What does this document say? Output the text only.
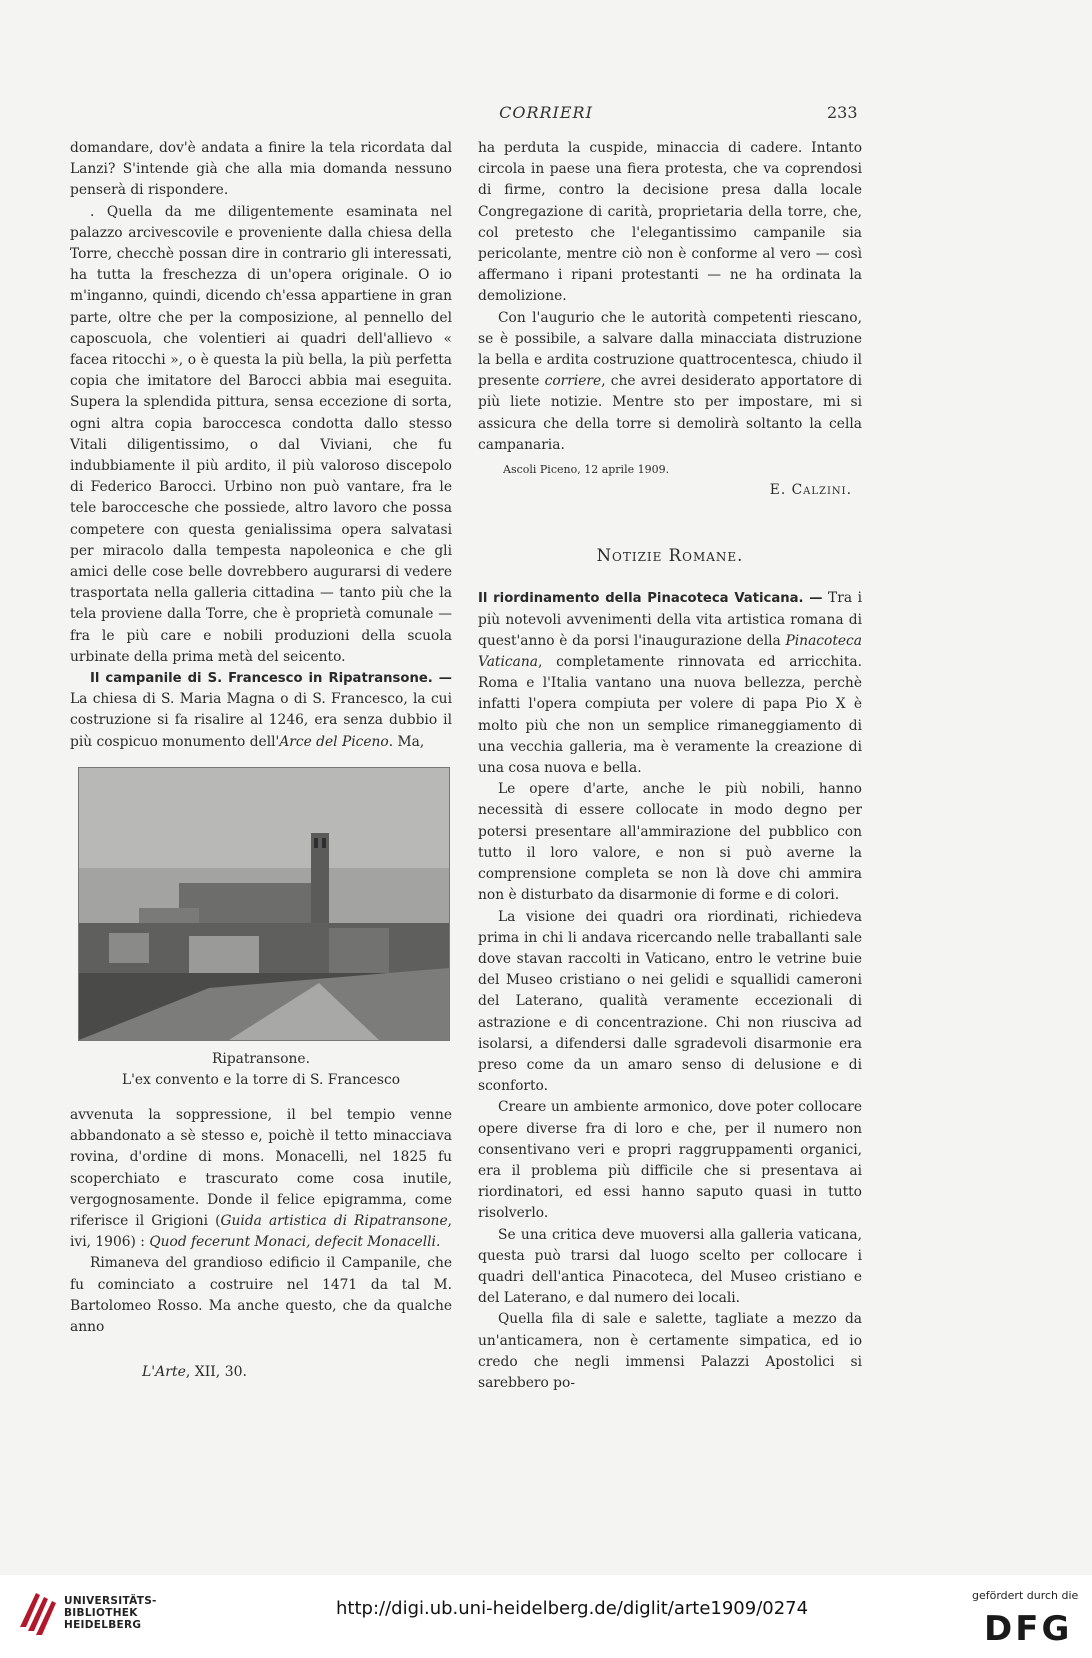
CORRIERI	233

domandare, dov'è andata a finire la tela ricordata dal Lanzi? S'intende già che alla mia domanda nessuno penserà di rispondere.

. Quella da me diligentemente esaminata nel palazzo arcivescovile e proveniente dalla chiesa della Torre, checchè possan dire in contrario gli interessati, ha tutta la freschezza di un'opera originale. O io m'inganno, quindi, dicendo ch'essa appartiene in gran parte, oltre che per la composizione, al pennello del caposcuola, che volentieri ai quadri dell'allievo « facea ritocchi », o è questa la più bella, la più perfetta copia che imitatore del Barocci abbia mai eseguita. Supera la splendida pittura, sensa eccezione di sorta, ogni altra copia baroccesca condotta dallo stesso Vitali diligentissimo, o dal Viviani, che fu indubbiamente il più ardito, il più valoroso discepolo di Federico Barocci. Urbino non può vantare, fra le tele baroccesche che possiede, altro lavoro che possa competere con questa genialissima opera salvatasi per miracolo dalla tempesta napoleonica e che gli amici delle cose belle dovrebbero augurarsi di vedere trasportata nella galleria cittadina — tanto più che la tela proviene dalla Torre, che è proprietà comunale — fra le più care e nobili produzioni della scuola urbinate della prima metà del seicento.

Il campanile di S. Francesco in Ripatransone. — La chiesa di S. Maria Magna o di S. Francesco, la cui costruzione si fa risalire al 1246, era senza dubbio il più cospicuo monumento dell'Arce del Piceno. Ma,

Ripatransone.
L'ex convento e la torre di S. Francesco

avvenuta la soppressione, il bel tempio venne abbandonato a sè stesso e, poichè il tetto minacciava rovina, d'ordine di mons. Monacelli, nel 1825 fu scoperchiato e trascurato come cosa inutile, vergognosamente. Donde il felice epigramma, come riferisce il Grigioni (Guida artistica di Ripatransone, ivi, 1906) : Quod fecerunt Monaci, defecit Monacelli.

Rimaneva del grandioso edificio il Campanile, che fu cominciato a costruire nel 1471 da tal M. Bartolomeo Rosso. Ma anche questo, che da qualche anno

ha perduta la cuspide, minaccia di cadere. Intanto circola in paese una fiera protesta, che va coprendosi di firme, contro la decisione presa dalla locale Congregazione di carità, proprietaria della torre, che, col pretesto che l'elegantissimo campanile sia pericolante, mentre ciò non è conforme al vero — così affermano i ripani protestanti — ne ha ordinata la demolizione.

Con l'augurio che le autorità competenti riescano, se è possibile, a salvare dalla minacciata distruzione la bella e ardita costruzione quattrocentesca, chiudo il presente corriere, che avrei desiderato apportatore di più liete notizie. Mentre sto per impostare, mi si assicura che della torre si demolirà soltanto la cella campanaria.

Ascoli Piceno, 12 aprile 1909.
E. Calzini.
Notizie Romane.

Il riordinamento della Pinacoteca Vaticana. — Tra i più notevoli avvenimenti della vita artistica romana di quest'anno è da porsi l'inaugurazione della Pinacoteca Vaticana, completamente rinnovata ed arricchita. Roma e l'Italia vantano una nuova bellezza, perchè infatti l'opera compiuta per volere di papa Pio X è molto più che non un semplice rimaneggiamento di una vecchia galleria, ma è veramente la creazione di una cosa nuova e bella.

Le opere d'arte, anche le più nobili, hanno necessità di essere collocate in modo degno per potersi presentare all'ammirazione del pubblico con tutto il loro valore, e non si può averne la comprensione completa se non là dove chi ammira non è disturbato da disarmonie di forme e di colori.

La visione dei quadri ora riordinati, richiedeva prima in chi li andava ricercando nelle traballanti sale dove stavan raccolti in Vaticano, entro le vetrine buie del Museo cristiano o nei gelidi e squallidi cameroni del Laterano, qualità veramente eccezionali di astrazione e di concentrazione. Chi non riusciva ad isolarsi, a difendersi dalle sgradevoli disarmonie era preso come da un amaro senso di delusione e di sconforto.

Creare un ambiente armonico, dove poter collocare opere diverse fra di loro e che, per il numero non consentivano veri e propri raggruppamenti organici, era il problema più difficile che si presentava ai riordinatori, ed essi hanno saputo quasi in tutto risolverlo.

Se una critica deve muoversi alla galleria vaticana, questa può trarsi dal luogo scelto per collocare i quadri dell'antica Pinacoteca, del Museo cristiano e del Laterano, e dal numero dei locali.

Quella fila di sale e salette, tagliate a mezzo da un'anticamera, non è certamente simpatica, ed io credo che negli immensi Palazzi Apostolici si sarebbero po-

L'Arte, XII, 30.
UNIVERSITÄTS-
BIBLIOTHEK
HEIDELBERG
http://digi.ub.uni-heidelberg.de/diglit/arte1909/0274
gefördert durch die
DFG
